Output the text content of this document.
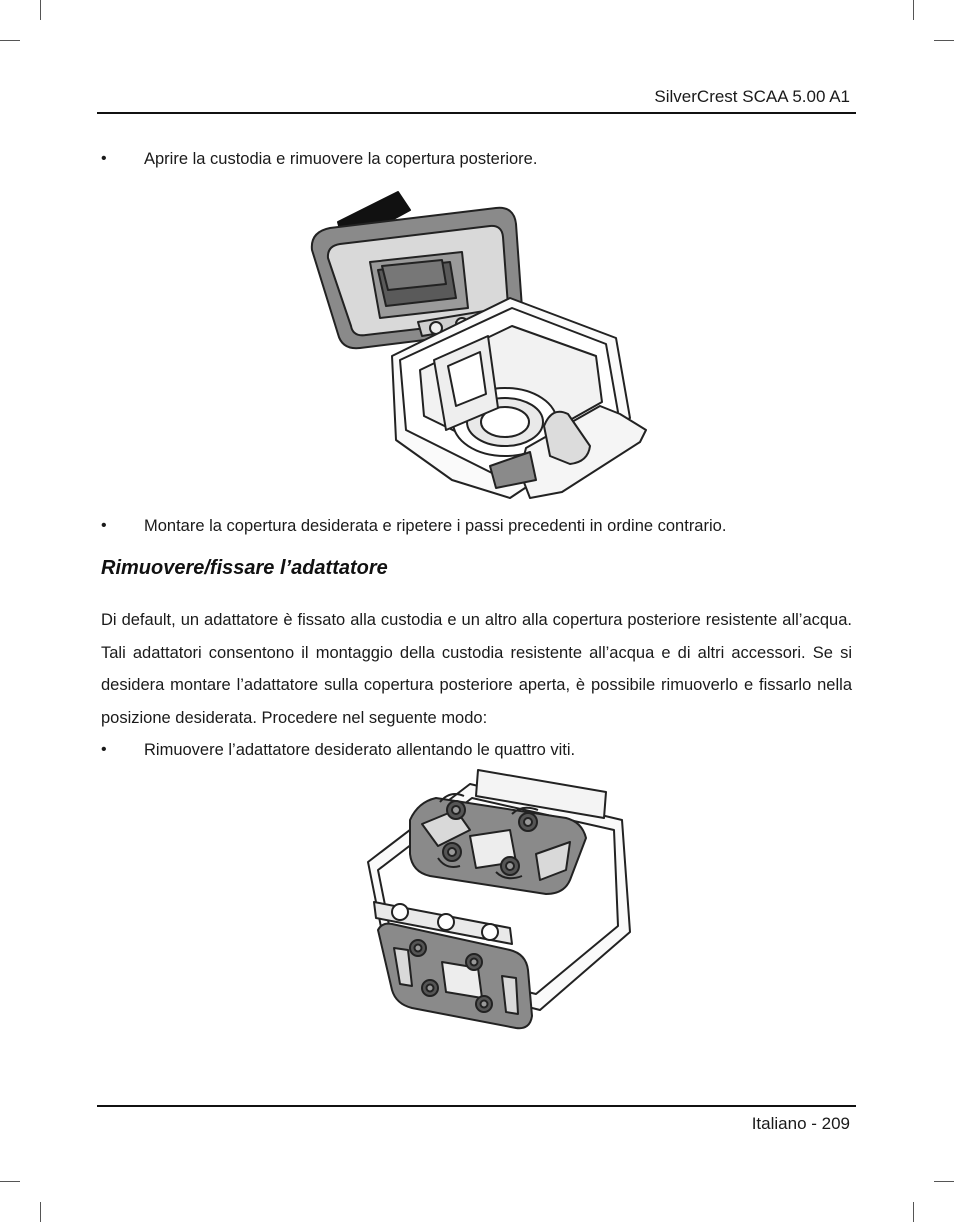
SilverCrest SCAA 5.00 A1
• Aprire la custodia e rimuovere la copertura posteriore.
• Montare la copertura desiderata e ripetere i passi precedenti in ordine contrario.
Rimuovere/fissare l’adattatore

Di default, un adattatore è fissato alla custodia e un altro alla copertura posteriore resistente all’acqua. Tali adattatori consentono il montaggio della custodia resistente all’acqua e di altri accessori. Se si desidera montare l’adattatore sulla copertura posteriore aperta, è possibile rimuoverlo e fissarlo nella posizione desiderata. Procedere nel seguente modo:

• Rimuovere l’adattatore desiderato allentando le quattro viti.
Italiano - 209
